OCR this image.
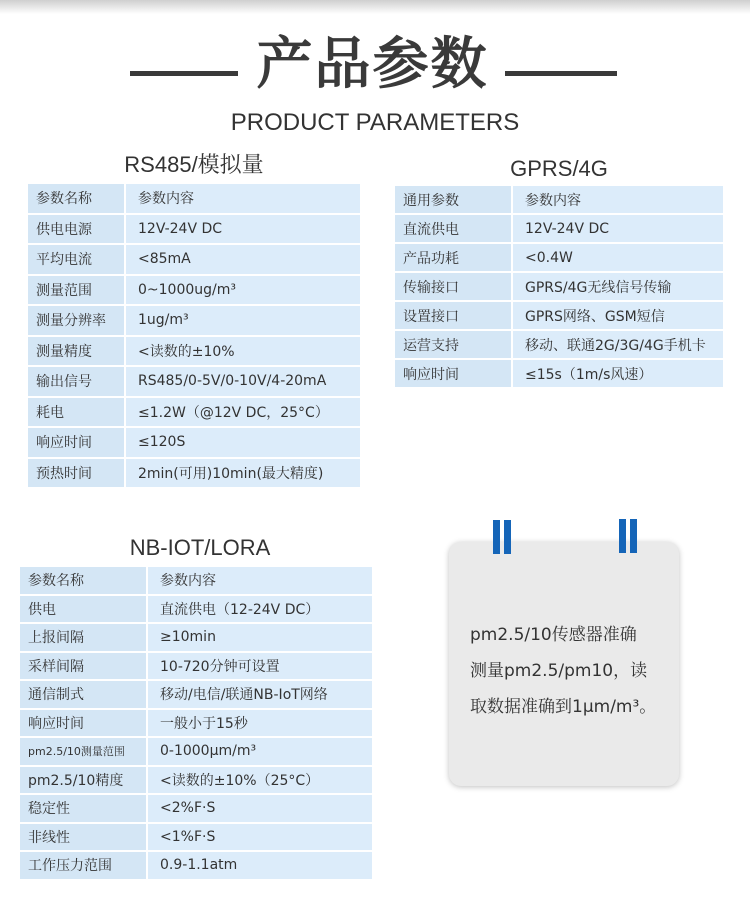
产品参数
PRODUCT PARAMETERS
RS485/模拟量
参数名称	参数内容
供电电源	12V-24V DC
平均电流	<85mA
测量范围	0~1000ug/m³
测量分辨率	1ug/m³
测量精度	<读数的±10%
输出信号	RS485/0-5V/0-10V/4-20mA
耗电	≤1.2W（@12V DC，25°C）
响应时间	≤120S
预热时间	2min(可用)10min(最大精度)
GPRS/4G
通用参数	参数内容
直流供电	12V-24V DC
产品功耗	<0.4W
传输接口	GPRS/4G无线信号传输
设置接口	GPRS网络、GSM短信
运营支持	移动、联通2G/3G/4G手机卡
响应时间	≤15s（1m/s风速）
NB-IOT/LORA
参数名称	参数内容
供电	直流供电（12-24V DC）
上报间隔	≥10min
采样间隔	10-720分钟可设置
通信制式	移动/电信/联通NB-IoT网络
响应时间	一般小于15秒
pm2.5/10测量范围	0-1000μm/m³
pm2.5/10精度	<读数的±10%（25°C）
稳定性	<2%F·S
非线性	<1%F·S
工作压力范围	0.9-1.1atm
pm2.5/10传感器准确
测量pm2.5/pm10，读
取数据准确到1μm/m³。
